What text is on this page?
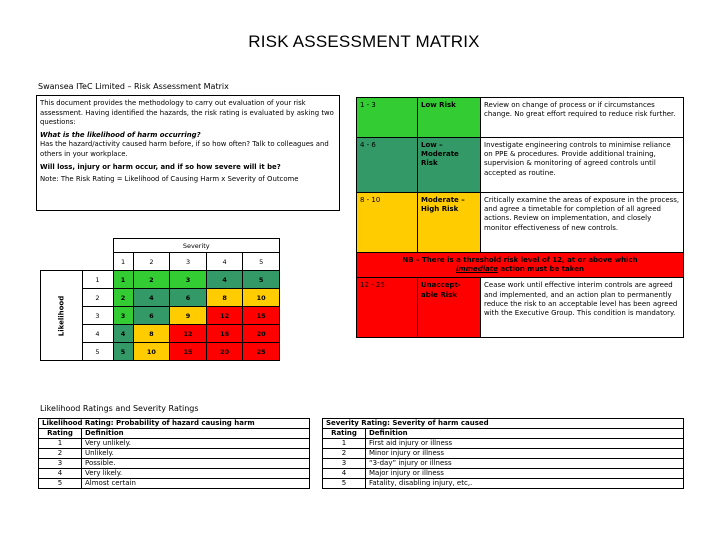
RISK ASSESSMENT MATRIX
Swansea ITeC Limited – Risk Assessment Matrix

This document provides the methodology to carry out evaluation of your risk assessment. Having identified the hazards, the risk rating is evaluated by asking two questions:

What is the likelihood of harm occurring?

Has the hazard/activity caused harm before, if so how often? Talk to colleagues and others in your workplace.

Will loss, injury or harm occur, and if so how severe will it be?

Note: The Risk Rating = Likelihood of Causing Harm x Severity of Outcome

1 - 3	Low Risk	Review on change of process or if circumstances change. No great effort required to reduce risk further.
4 - 6	Low – Moderate Risk	Investigate engineering controls to minimise reliance on PPE & procedures. Provide additional training, supervision & monitoring of agreed controls until accepted as routine.
8 - 10	Moderate – High Risk	Critically examine the areas of exposure in the process, and agree a timetable for completion of all agreed actions. Review on implementation, and closely monitor effectiveness of new controls.
NB – There is a threshold risk level of 12, at or above which
immediate action must be taken		
12 - 25	Unaccept-able Risk	Cease work until effective interim controls are agreed and implemented, and an action plan to permanently reduce the risk to an acceptable level has been agreed with the Executive Group. This condition is mandatory.
		Severity				
		1	2	3	4	5

Likelihood	1	1	2	3	4	5
	2	2	4	6	8	10
	3	3	6	9	12	15
	4	4	8	12	16	20
	5	5	10	15	20	25
Likelihood Ratings and Severity Ratings
Likelihood Rating: Probability of hazard causing harm	
Rating	Definition
1	Very unlikely.
2	Unlikely.
3	Possible.
4	Very likely.
5	Almost certain
Severity Rating: Severity of harm caused	
Rating	Definition
1	First aid injury or illness
2	Minor injury or illness
3	“3-day” injury or illness
4	Major injury or illness
5	Fatality, disabling injury, etc,.
